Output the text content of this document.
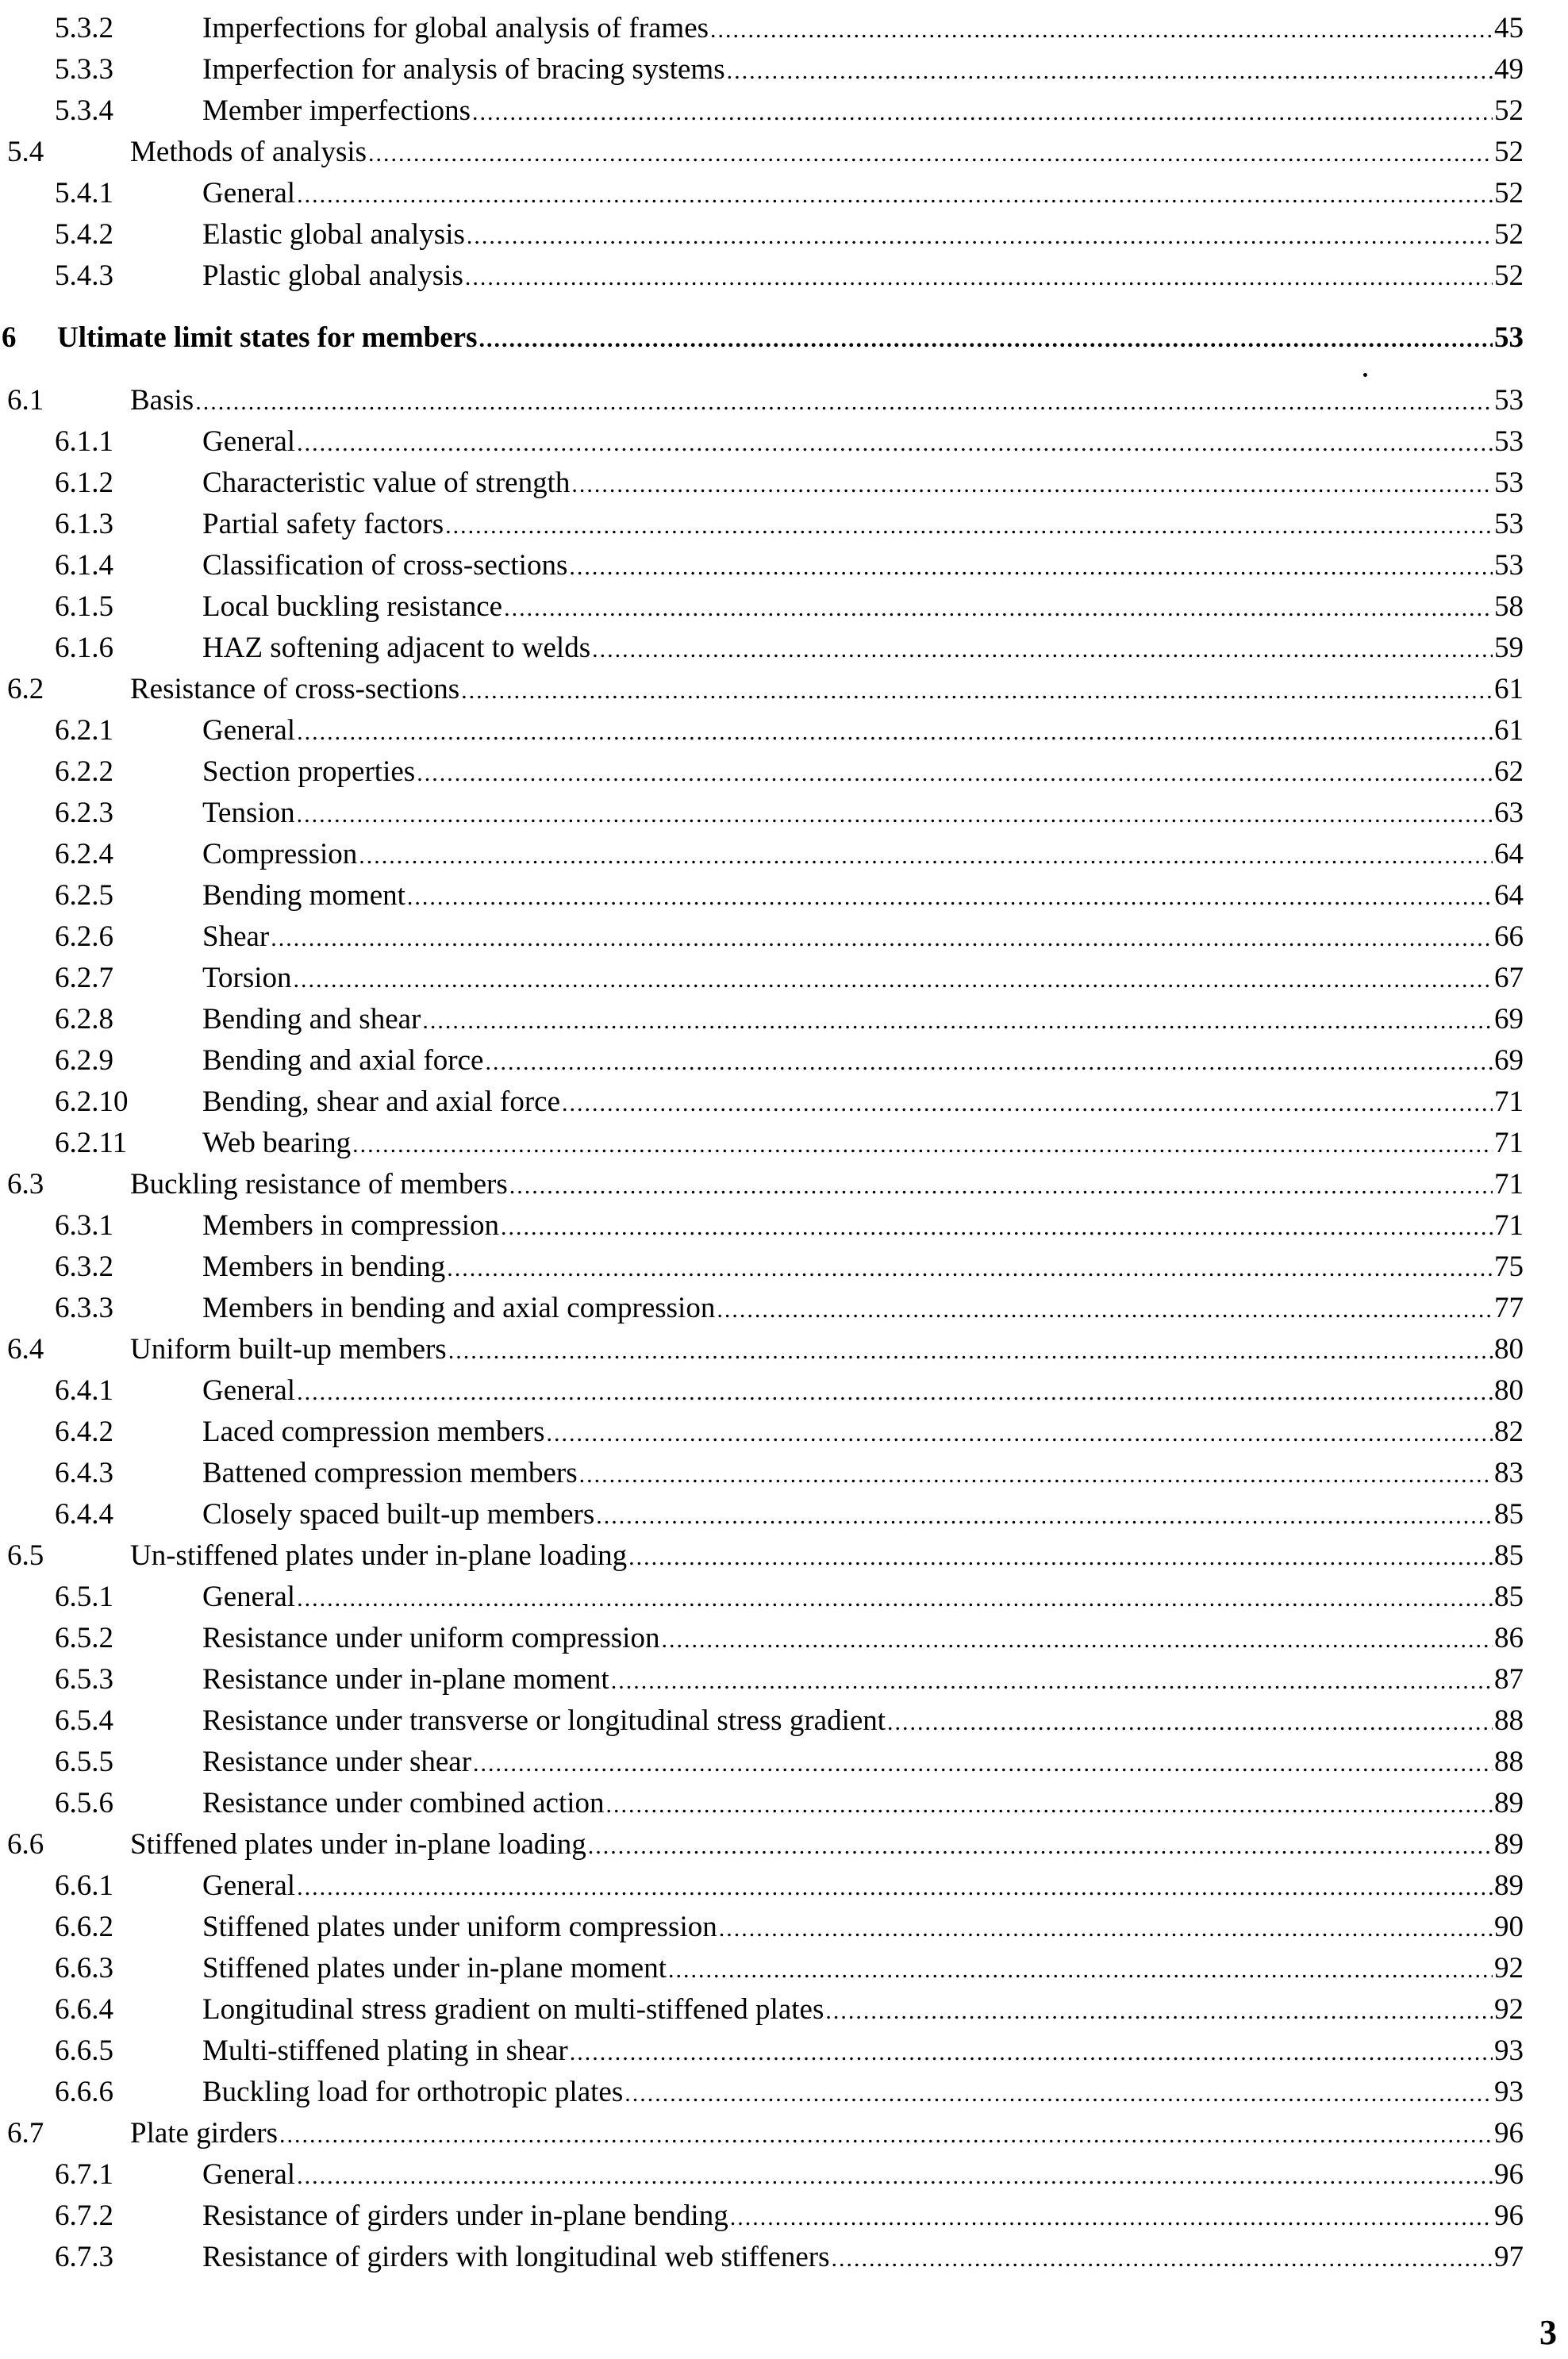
5.3.2	Imperfections for global analysis of frames .....	45
5.3.3	Imperfection for analysis of bracing systems .....	49
5.3.4	Member imperfections .....	52
5.4	Methods of analysis .....	52
5.4.1	General .....	52
5.4.2	Elastic global analysis .....	52
5.4.3	Plastic global analysis .....	52
6 Ultimate limit states for members .....	53
6.1	Basis .....	53
6.1.1	General .....	53
6.1.2	Characteristic value of strength .....	53
6.1.3	Partial safety factors .....	53
6.1.4	Classification of cross-sections .....	53
6.1.5	Local buckling resistance .....	58
6.1.6	HAZ softening adjacent to welds .....	59
6.2	Resistance of cross-sections .....	61
6.2.1	General .....	61
6.2.2	Section properties .....	62
6.2.3	Tension .....	63
6.2.4	Compression .....	64
6.2.5	Bending moment .....	64
6.2.6	Shear .....	66
6.2.7	Torsion .....	67
6.2.8	Bending and shear .....	69
6.2.9	Bending and axial force .....	69
6.2.10	Bending, shear and axial force .....	71
6.2.11	Web bearing .....	71
6.3	Buckling resistance of members .....	71
6.3.1	Members in compression .....	71
6.3.2	Members in bending .....	75
6.3.3	Members in bending and axial compression .....	77
6.4	Uniform built-up members .....	80
6.4.1	General .....	80
6.4.2	Laced compression members .....	82
6.4.3	Battened compression members .....	83
6.4.4	Closely spaced built-up members .....	85
6.5	Un-stiffened plates under in-plane loading .....	85
6.5.1	General .....	85
6.5.2	Resistance under uniform compression .....	86
6.5.3	Resistance under in-plane moment .....	87
6.5.4	Resistance under transverse or longitudinal stress gradient .....	88
6.5.5	Resistance under shear .....	88
6.5.6	Resistance under combined action .....	89
6.6	Stiffened plates under in-plane loading .....	89
6.6.1	General .....	89
6.6.2	Stiffened plates under uniform compression .....	90
6.6.3	Stiffened plates under in-plane moment .....	92
6.6.4	Longitudinal stress gradient on multi-stiffened plates .....	92
6.6.5	Multi-stiffened plating in shear .....	93
6.6.6	Buckling load for orthotropic plates .....	93
6.7	Plate girders .....	96
6.7.1	General .....	96
6.7.2	Resistance of girders under in-plane bending .....	96
6.7.3	Resistance of girders with longitudinal web stiffeners .....	97
3
